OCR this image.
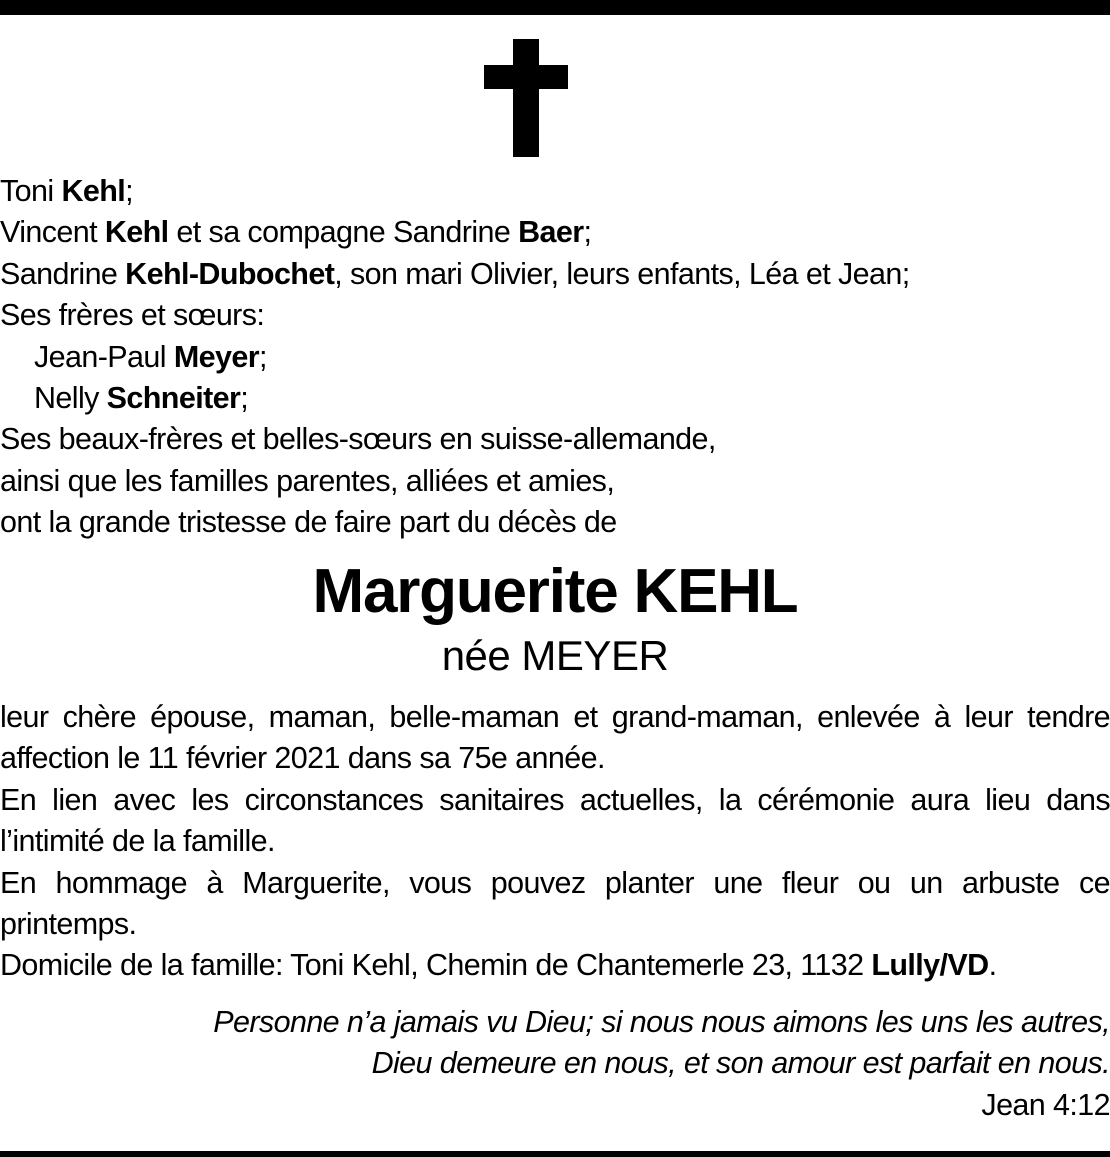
Toni Kehl;
Vincent Kehl et sa compagne Sandrine Baer;
Sandrine Kehl-Dubochet, son mari Olivier, leurs enfants, Léa et Jean;
Ses frères et sœurs:
Jean-Paul Meyer;
Nelly Schneiter;
Ses beaux-frères et belles-sœurs en suisse-allemande,
ainsi que les familles parentes, alliées et amies,
ont la grande tristesse de faire part du décès de
Marguerite KEHL
née MEYER

leur chère épouse, maman, belle-maman et grand-maman, enlevée à leur tendre affection le 11 février 2021 dans sa 75e année.

En lien avec les circonstances sanitaires actuelles, la cérémonie aura lieu dans l’intimité de la famille.

En hommage à Marguerite, vous pouvez planter une fleur ou un arbuste ce printemps.

Domicile de la famille: Toni Kehl, Chemin de Chantemerle 23, 1132 Lully/VD.

Personne n’a jamais vu Dieu; si nous nous aimons les uns les autres,
Dieu demeure en nous, et son amour est parfait en nous.
Jean 4:12
